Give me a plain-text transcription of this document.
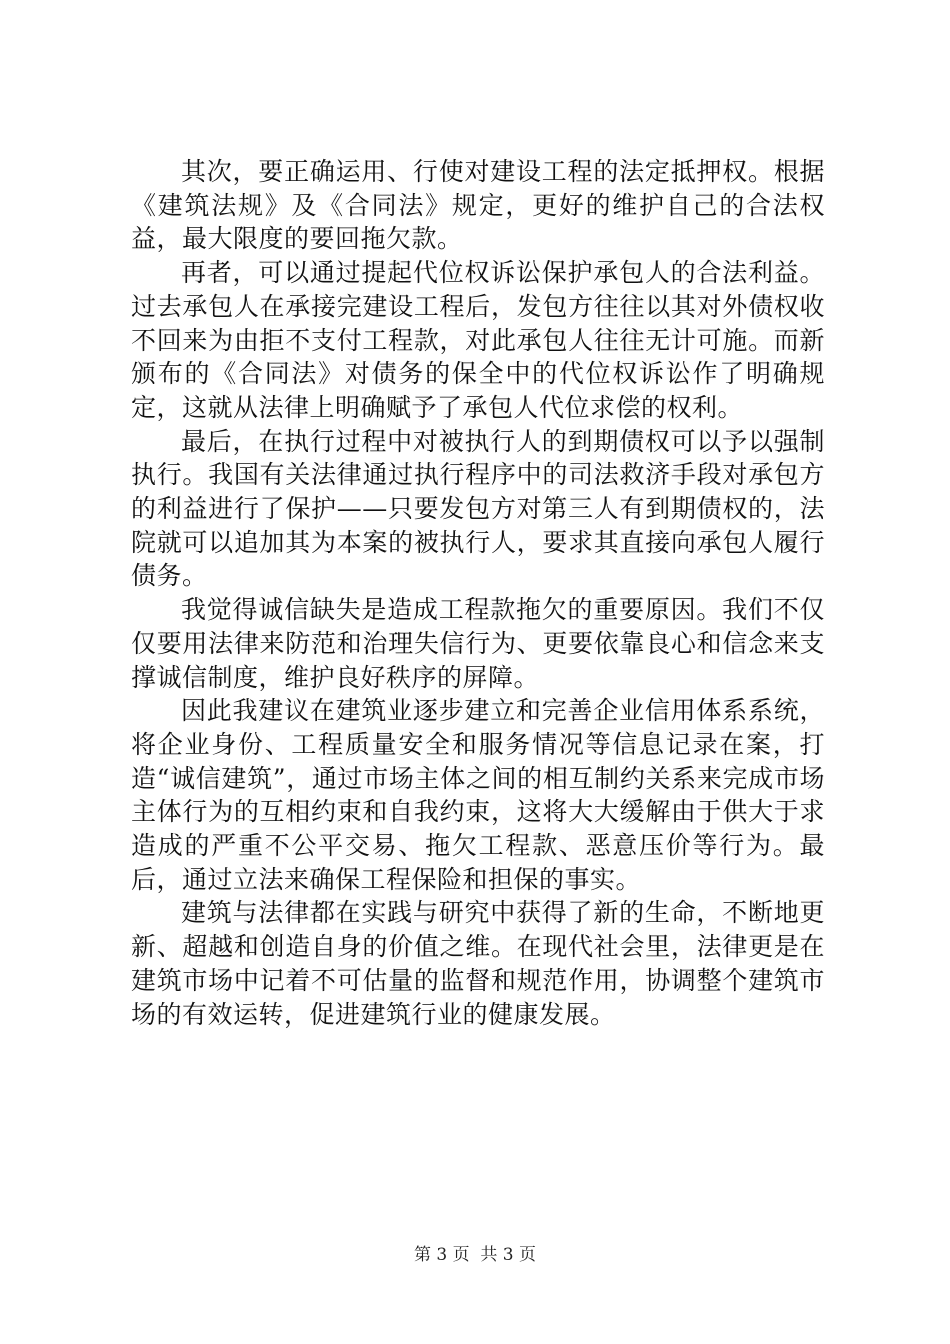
其次，要正确运用、行使对建设工程的法定抵押权。根据《建筑法规》及《合同法》规定，更好的维护自己的合法权益，最大限度的要回拖欠款。

再者，可以通过提起代位权诉讼保护承包人的合法利益。过去承包人在承接完建设工程后，发包方往往以其对外债权收不回来为由拒不支付工程款，对此承包人往往无计可施。而新颁布的《合同法》对债务的保全中的代位权诉讼作了明确规定，这就从法律上明确赋予了承包人代位求偿的权利。

最后，在执行过程中对被执行人的到期债权可以予以强制执行。我国有关法律通过执行程序中的司法救济手段对承包方的利益进行了保护——只要发包方对第三人有到期债权的，法院就可以追加其为本案的被执行人，要求其直接向承包人履行债务。

我觉得诚信缺失是造成工程款拖欠的重要原因。我们不仅仅要用法律来防范和治理失信行为、更要依靠良心和信念来支撑诚信制度，维护良好秩序的屏障。

因此我建议在建筑业逐步建立和完善企业信用体系系统，将企业身份、工程质量安全和服务情况等信息记录在案，打造“诚信建筑”，通过市场主体之间的相互制约关系来完成市场主体行为的互相约束和自我约束，这将大大缓解由于供大于求造成的严重不公平交易、拖欠工程款、恶意压价等行为。最后，通过立法来确保工程保险和担保的事实。

建筑与法律都在实践与研究中获得了新的生命，不断地更新、超越和创造自身的价值之维。在现代社会里，法律更是在建筑市场中记着不可估量的监督和规范作用，协调整个建筑市场的有效运转，促进建筑行业的健康发展。

第 3 页  共 3 页
